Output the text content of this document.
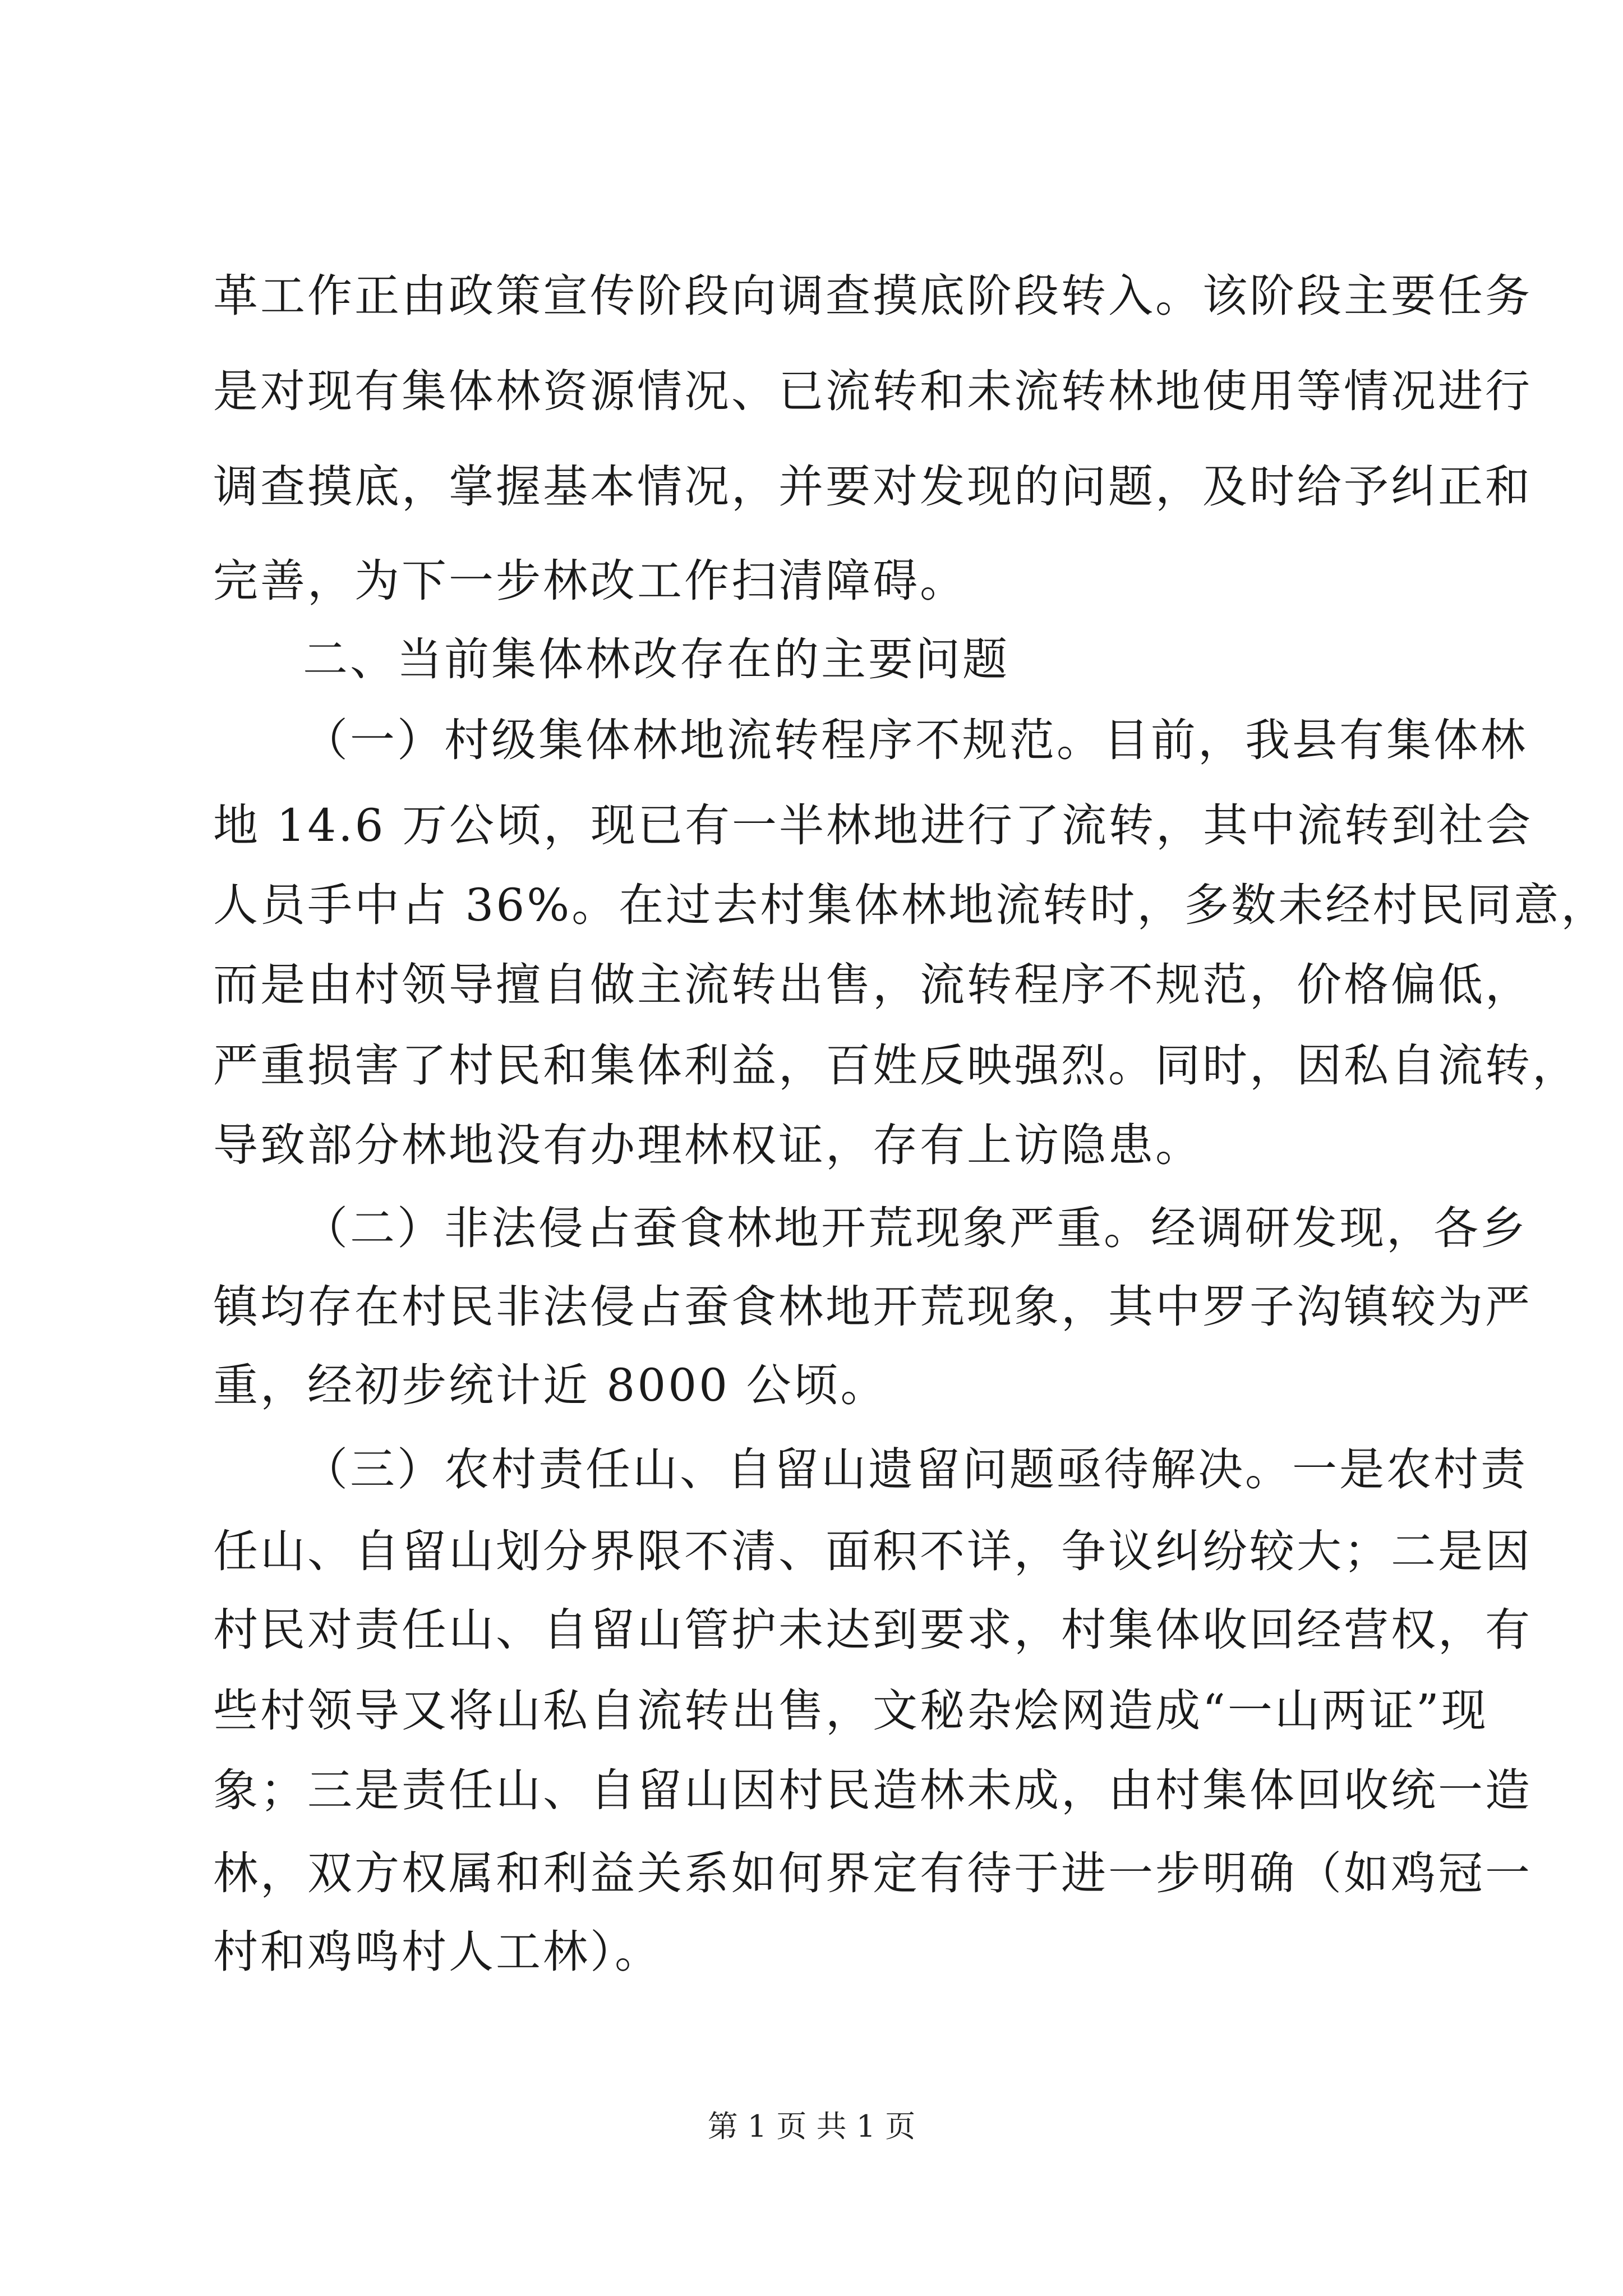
革工作正由政策宣传阶段向调查摸底阶段转入。该阶段主要任务
是对现有集体林资源情况、已流转和未流转林地使用等情况进行
调查摸底，掌握基本情况，并要对发现的问题，及时给予纠正和
完善，为下一步林改工作扫清障碍。
二、当前集体林改存在的主要问题
（一）村级集体林地流转程序不规范。目前，我县有集体林
地 14.6 万公顷，现已有一半林地进行了流转，其中流转到社会
人员手中占 36%。在过去村集体林地流转时，多数未经村民同意，
而是由村领导擅自做主流转出售，流转程序不规范，价格偏低，
严重损害了村民和集体利益，百姓反映强烈。同时，因私自流转，
导致部分林地没有办理林权证，存有上访隐患。
（二）非法侵占蚕食林地开荒现象严重。经调研发现，各乡
镇均存在村民非法侵占蚕食林地开荒现象，其中罗子沟镇较为严
重，经初步统计近 8000 公顷。
（三）农村责任山、自留山遗留问题亟待解决。一是农村责
任山、自留山划分界限不清、面积不详，争议纠纷较大；二是因
村民对责任山、自留山管护未达到要求，村集体收回经营权，有
些村领导又将山私自流转出售，文秘杂烩网造成“一山两证”现
象；三是责任山、自留山因村民造林未成，由村集体回收统一造
林，双方权属和利益关系如何界定有待于进一步明确（如鸡冠一
村和鸡鸣村人工林）。
第 1 页 共 1 页
